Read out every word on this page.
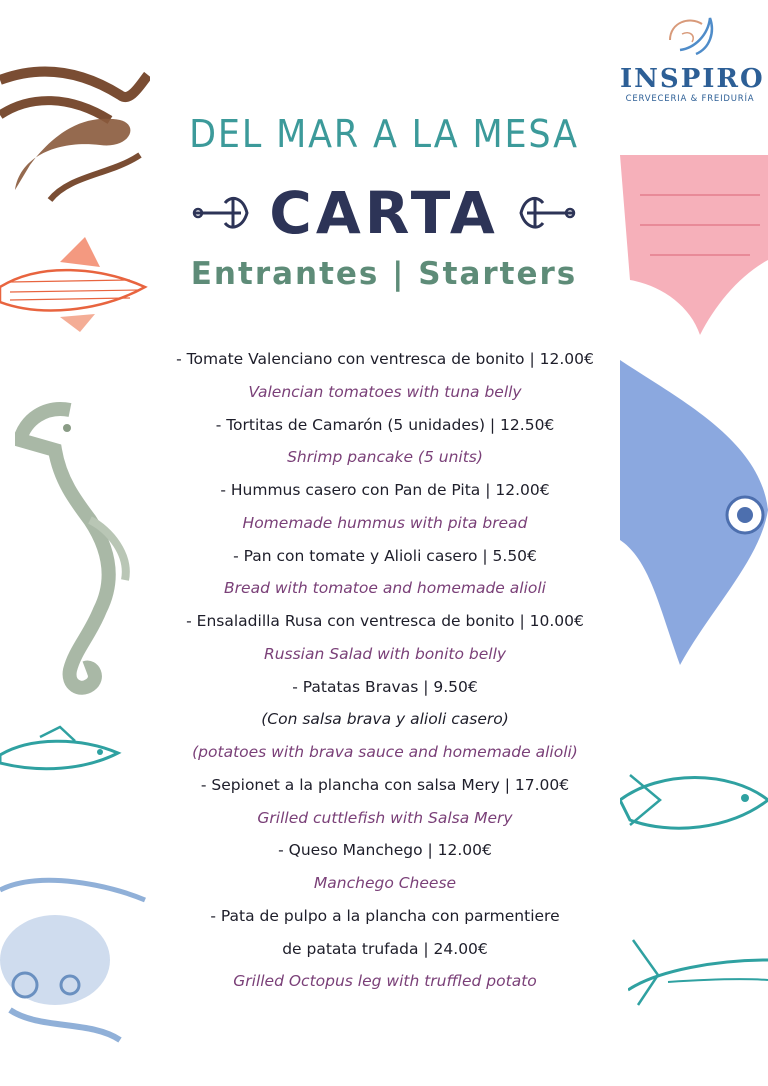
INSPIRO
CERVECERIA & FREIDURÍA
DEL MAR A LA MESA
CARTA
Entrantes | Starters
- Tomate Valenciano con ventresca de bonito | 12.00€
Valencian tomatoes with tuna belly
- Tortitas de Camarón (5 unidades) | 12.50€
Shrimp pancake (5 units)
- Hummus casero con Pan de Pita | 12.00€
Homemade hummus with pita bread
- Pan con tomate y Alioli casero | 5.50€
Bread with tomatoe and homemade alioli
- Ensaladilla Rusa con ventresca de bonito | 10.00€
Russian Salad with bonito belly
- Patatas Bravas | 9.50€
(Con salsa brava y alioli casero)
(potatoes with brava sauce and homemade alioli)
- Sepionet a la plancha con salsa Mery | 17.00€
Grilled cuttlefish with Salsa Mery
- Queso Manchego | 12.00€
Manchego Cheese
- Pata de pulpo a la plancha con parmentiere
de patata trufada | 24.00€
Grilled Octopus leg with truffled potato
